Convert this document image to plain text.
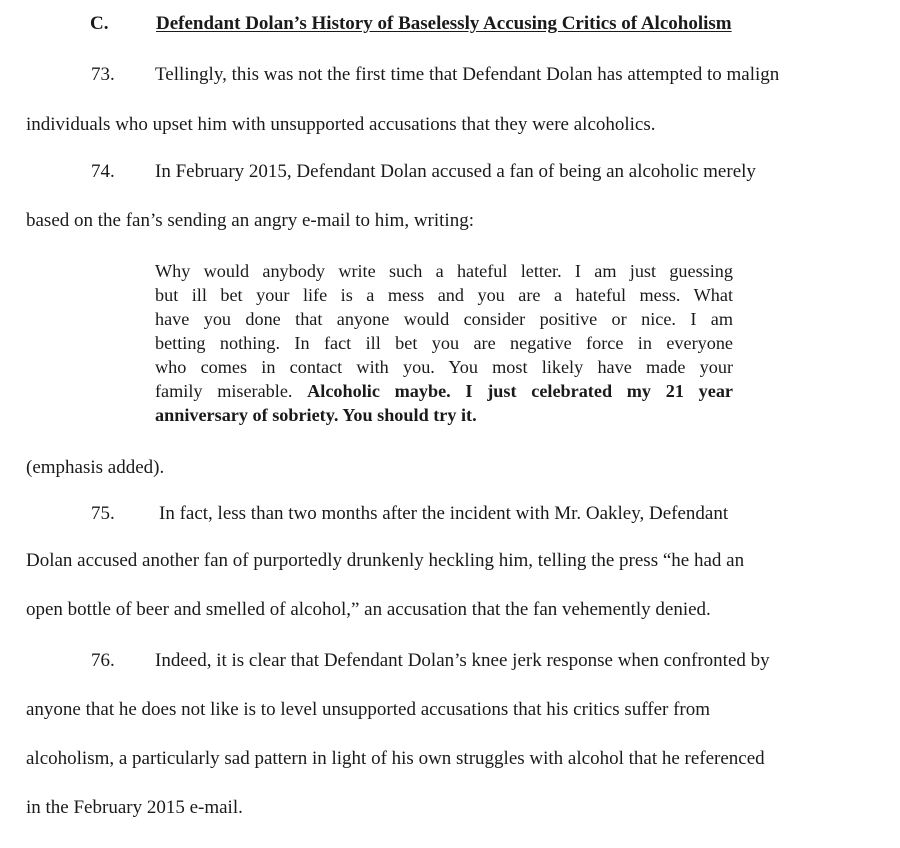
C.	Defendant Dolan’s History of Baselessly Accusing Critics of Alcoholism
73. Tellingly, this was not the first time that Defendant Dolan has attempted to malign
individuals who upset him with unsupported accusations that they were alcoholics.
74. In February 2015, Defendant Dolan accused a fan of being an alcoholic merely
based on the fan’s sending an angry e-mail to him, writing:
Why would anybody write such a hateful letter. I am just guessing
but ill bet your life is a mess and you are a hateful mess. What
have you done that anyone would consider positive or nice. I am
betting nothing. In fact ill bet you are negative force in everyone
who comes in contact with you. You most likely have made your
family miserable. Alcoholic maybe. I just celebrated my 21 year
anniversary of sobriety. You should try it.
(emphasis added).
75. In fact, less than two months after the incident with Mr. Oakley, Defendant
Dolan accused another fan of purportedly drunkenly heckling him, telling the press “he had an
open bottle of beer and smelled of alcohol,” an accusation that the fan vehemently denied.
76. Indeed, it is clear that Defendant Dolan’s knee jerk response when confronted by
anyone that he does not like is to level unsupported accusations that his critics suffer from
alcoholism, a particularly sad pattern in light of his own struggles with alcohol that he referenced
in the February 2015 e-mail.
